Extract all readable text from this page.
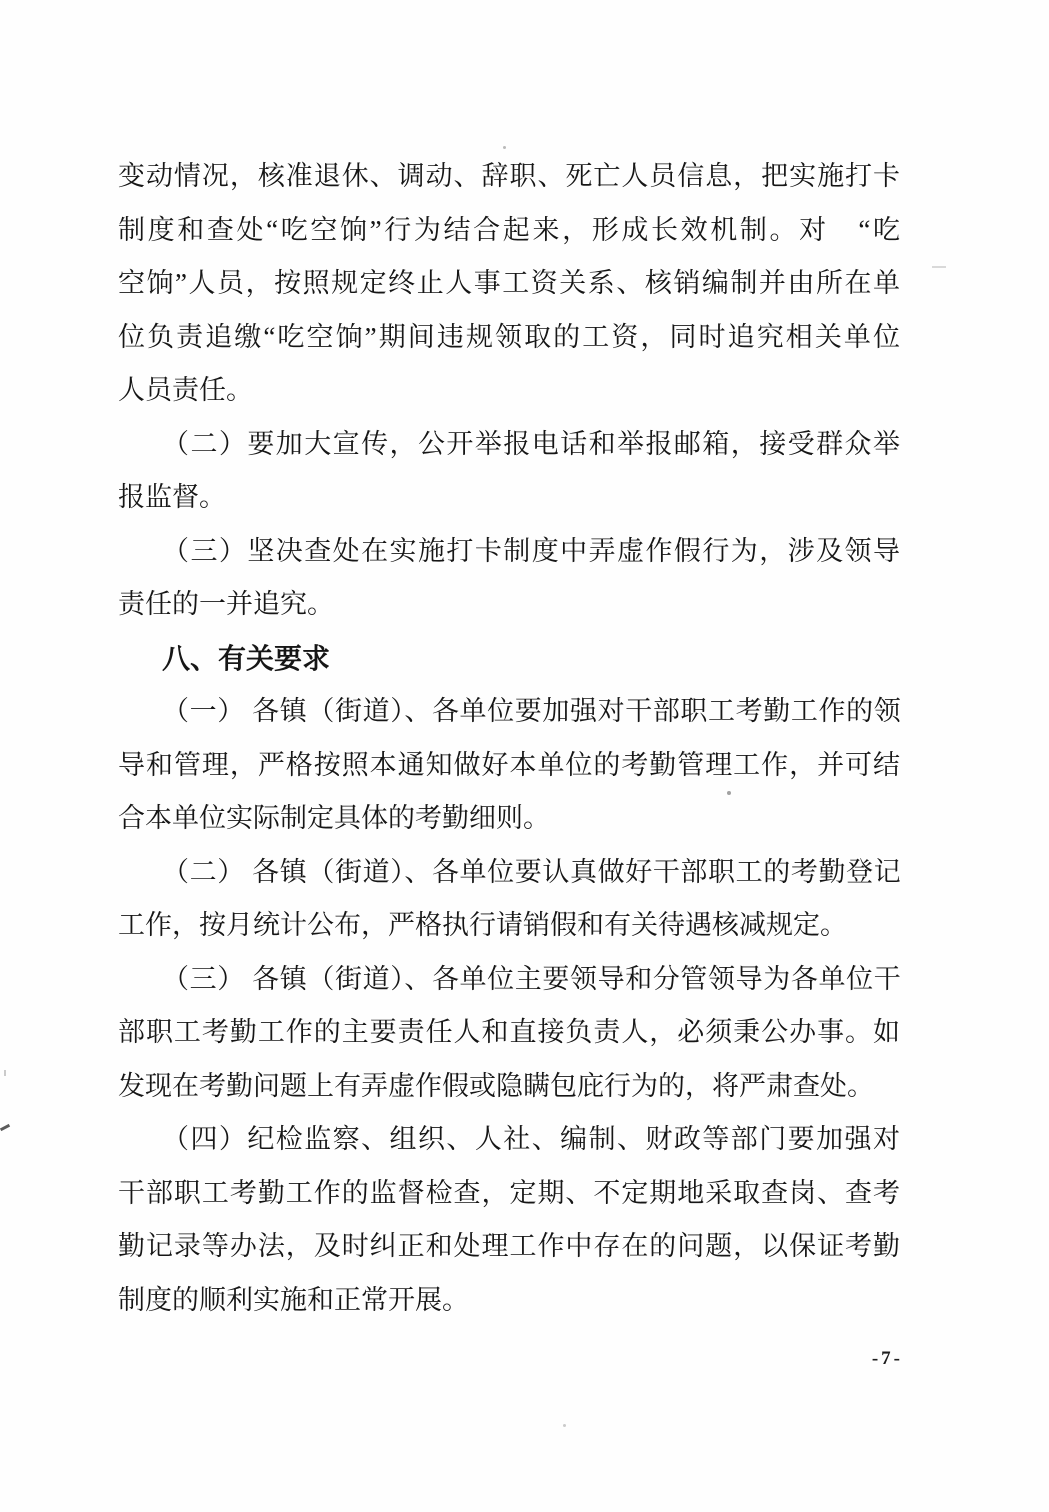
变动情况，核准退休、调动、辞职、死亡人员信息，把实施打卡
制度和查处“吃空饷”行为结合起来，形成长效机制。对　“吃
空饷”人员，按照规定终止人事工资关系、核销编制并由所在单
位负责追缴“吃空饷”期间违规领取的工资，同时追究相关单位
人员责任。
（二）要加大宣传，公开举报电话和举报邮箱，接受群众举
报监督。
（三）坚决查处在实施打卡制度中弄虚作假行为，涉及领导
责任的一并追究。
八、有关要求
（一） 各镇（街道）、各单位要加强对干部职工考勤工作的领
导和管理，严格按照本通知做好本单位的考勤管理工作，并可结
合本单位实际制定具体的考勤细则。
（二） 各镇（街道）、各单位要认真做好干部职工的考勤登记
工作，按月统计公布，严格执行请销假和有关待遇核减规定。
（三） 各镇（街道）、各单位主要领导和分管领导为各单位干
部职工考勤工作的主要责任人和直接负责人，必须秉公办事。如
发现在考勤问题上有弄虚作假或隐瞒包庇行为的，将严肃查处。
（四）纪检监察、组织、人社、编制、财政等部门要加强对
干部职工考勤工作的监督检查，定期、不定期地采取查岗、查考
勤记录等办法，及时纠正和处理工作中存在的问题，以保证考勤
制度的顺利实施和正常开展。
-7-
